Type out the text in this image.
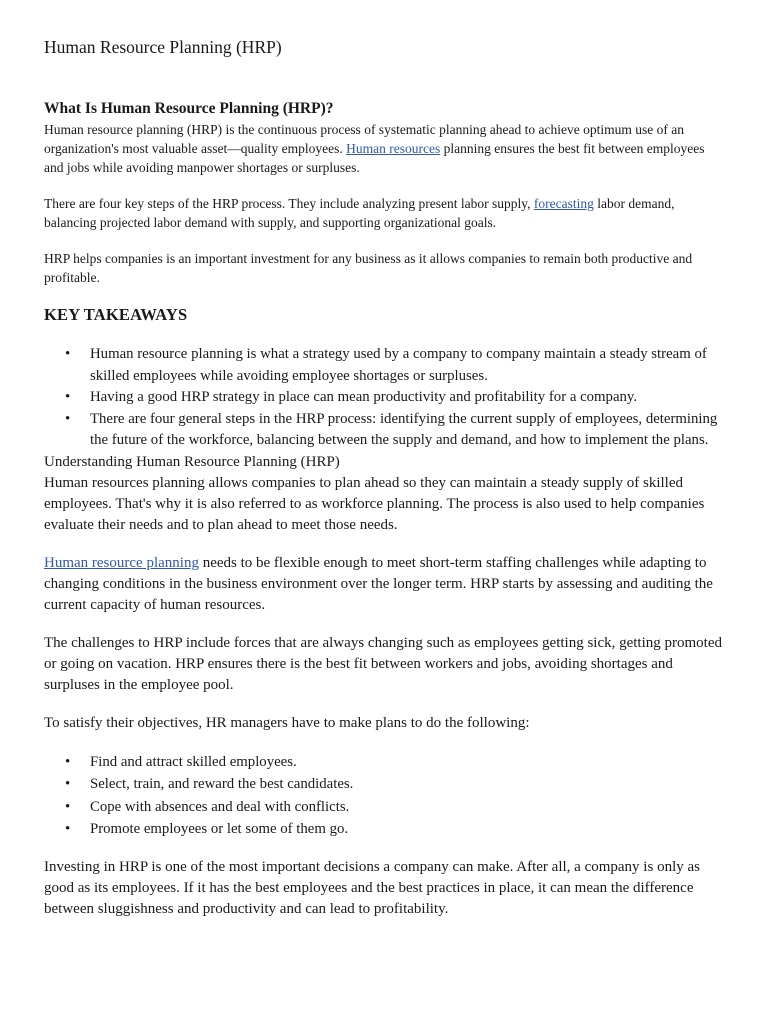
Human Resource Planning (HRP)
What Is Human Resource Planning (HRP)?

Human resource planning (HRP) is the continuous process of systematic planning ahead to achieve optimum use of an organization's most valuable asset—quality employees. Human resources planning ensures the best fit between employees and jobs while avoiding manpower shortages or surpluses.

There are four key steps of the HRP process. They include analyzing present labor supply, forecasting labor demand, balancing projected labor demand with supply, and supporting organizational goals.

HRP helps companies is an important investment for any business as it allows companies to remain both productive and profitable.

KEY TAKEAWAYS
• Human resource planning is what a strategy used by a company to company maintain a steady stream of skilled employees while avoiding employee shortages or surpluses.
• Having a good HRP strategy in place can mean productivity and profitability for a company.
• There are four general steps in the HRP process: identifying the current supply of employees, determining the future of the workforce, balancing between the supply and demand, and how to implement the plans.

Understanding Human Resource Planning (HRP)

Human resources planning allows companies to plan ahead so they can maintain a steady supply of skilled employees. That's why it is also referred to as workforce planning. The process is also used to help companies evaluate their needs and to plan ahead to meet those needs.

Human resource planning needs to be flexible enough to meet short-term staffing challenges while adapting to changing conditions in the business environment over the longer term. HRP starts by assessing and auditing the current capacity of human resources.

The challenges to HRP include forces that are always changing such as employees getting sick, getting promoted or going on vacation. HRP ensures there is the best fit between workers and jobs, avoiding shortages and surpluses in the employee pool.

To satisfy their objectives, HR managers have to make plans to do the following:

• Find and attract skilled employees.
• Select, train, and reward the best candidates.
• Cope with absences and deal with conflicts.
• Promote employees or let some of them go.

Investing in HRP is one of the most important decisions a company can make. After all, a company is only as good as its employees. If it has the best employees and the best practices in place, it can mean the difference between sluggishness and productivity and can lead to profitability.
